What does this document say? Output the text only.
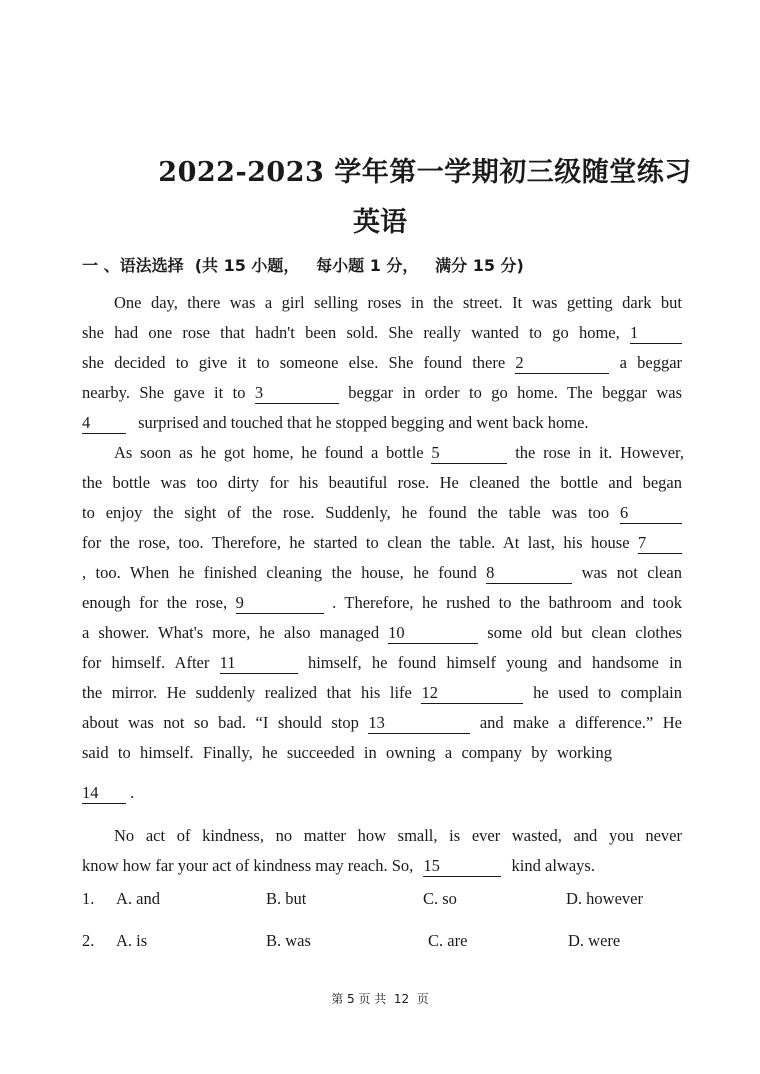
2022-2023 学年第一学期初三级随堂练习
英语
一 、语法选择  (共 15 小题，   每小题 1 分，   满分 15 分)
One day, there was a girl selling roses in the street. It was getting dark but
she had one rose that hadn't been sold. She really wanted to go home, 1
she decided to give it to someone else. She found there 2	a beggar
nearby. She gave it to 3	beggar in order to go home. The beggar was
4	surprised and touched that he stopped begging and went back home.
As soon as he got home, he found a bottle 5	the rose in it. However,
the bottle was too dirty for his beautiful rose. He cleaned the bottle and began
to enjoy the sight of the rose. Suddenly, he found the table was too 6
for the rose, too. Therefore, he started to clean the table. At last, his house 7
, too. When he finished cleaning the house, he found 8	was not clean
enough for the rose, 9	. Therefore, he rushed to the bathroom and took
a shower. What's more, he also managed 10	some old but clean clothes
for himself. After 11	himself, he found himself young and handsome in
the mirror. He suddenly realized that his life 12	he used to complain
about was not so bad. “I should stop 13	and make a difference.” He
said to himself. Finally, he succeeded in owning a company by working
14 .
No act of kindness, no matter how small, is ever wasted, and you never
know how far your act of kindness may reach. So, 15	kind always.
1. A. and	B. but	C. so	D. however
2. A. is	B. was	C. are	D. were
第 5 页 共  12  页
